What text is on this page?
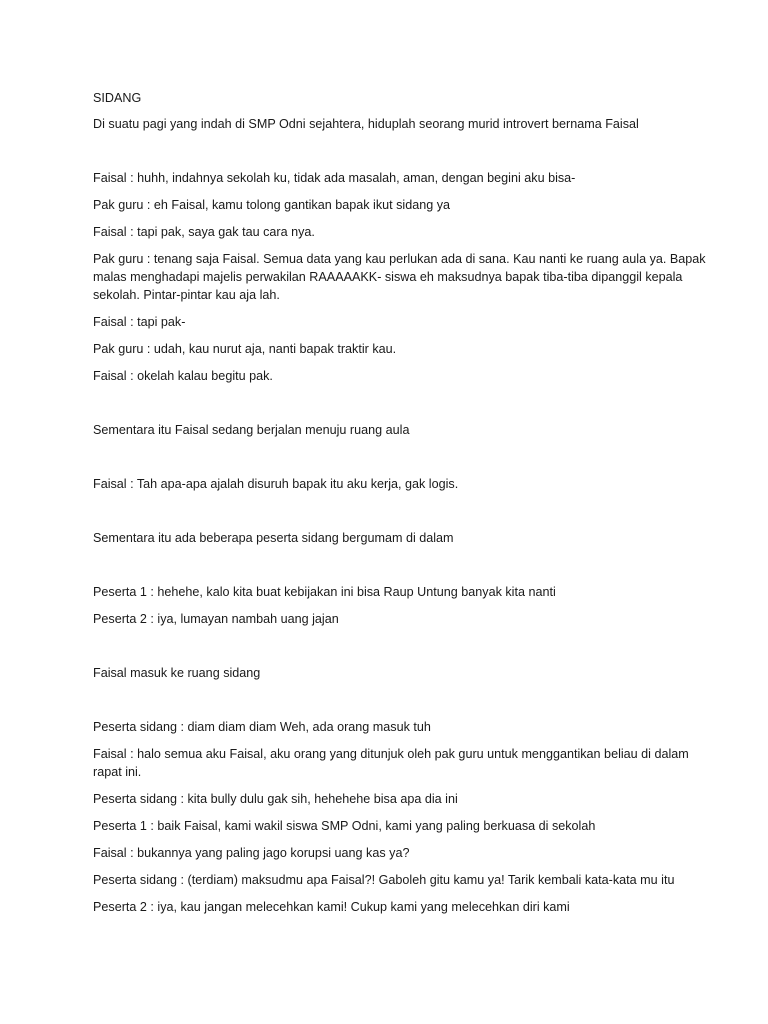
SIDANG

Di suatu pagi yang indah di SMP Odni sejahtera, hiduplah seorang murid introvert bernama Faisal

Faisal : huhh, indahnya sekolah ku, tidak ada masalah, aman, dengan begini aku bisa-

Pak guru : eh Faisal, kamu tolong gantikan bapak ikut sidang ya

Faisal : tapi pak, saya gak tau cara nya.

Pak guru : tenang saja Faisal. Semua data yang kau perlukan ada di sana. Kau nanti ke ruang aula ya. Bapak malas menghadapi majelis perwakilan RAAAAAKK- siswa eh maksudnya bapak tiba-tiba dipanggil kepala sekolah. Pintar-pintar kau aja lah.

Faisal : tapi pak-

Pak guru : udah, kau nurut aja, nanti bapak traktir kau.

Faisal : okelah kalau begitu pak.

Sementara itu Faisal sedang berjalan menuju ruang aula

Faisal : Tah apa-apa ajalah disuruh bapak itu aku kerja, gak logis.

Sementara itu ada beberapa peserta sidang bergumam di dalam

Peserta 1 : hehehe, kalo kita buat kebijakan ini bisa Raup Untung banyak kita nanti

Peserta 2 : iya, lumayan nambah uang jajan

Faisal masuk ke ruang sidang

Peserta sidang : diam diam diam Weh, ada orang masuk tuh

Faisal : halo semua aku Faisal, aku orang yang ditunjuk oleh pak guru untuk menggantikan beliau di dalam rapat ini.

Peserta sidang : kita bully dulu gak sih, hehehehe bisa apa dia ini

Peserta 1 : baik Faisal, kami wakil siswa SMP Odni, kami yang paling berkuasa di sekolah

Faisal : bukannya yang paling jago korupsi uang kas ya?

Peserta sidang : (terdiam) maksudmu apa Faisal?! Gaboleh gitu kamu ya! Tarik kembali kata-kata mu itu

Peserta 2 : iya, kau jangan melecehkan kami! Cukup kami yang melecehkan diri kami
